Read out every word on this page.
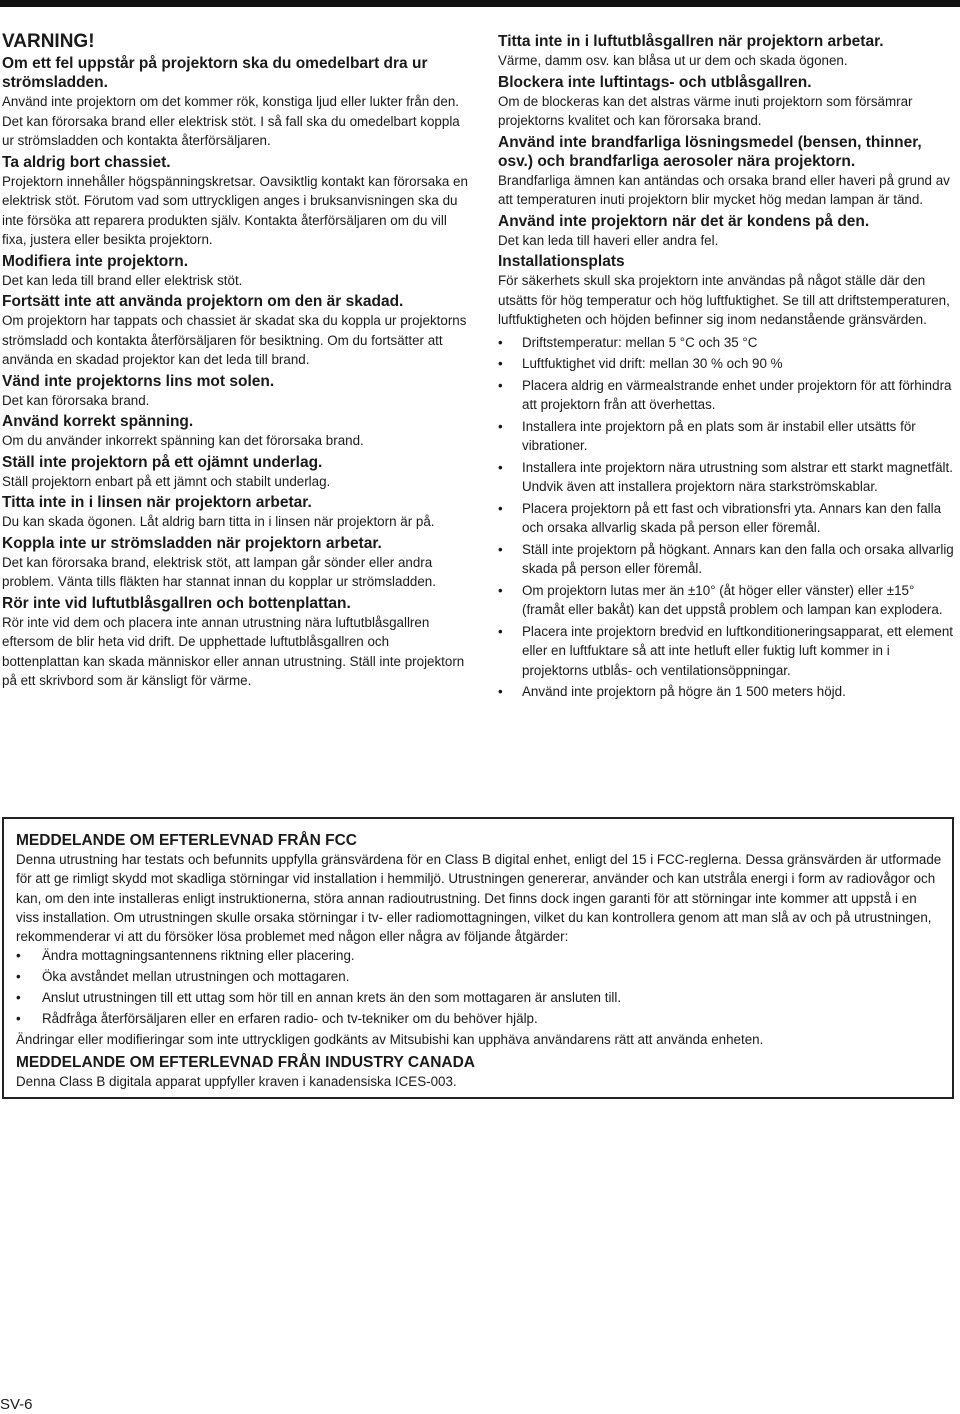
VARNING!
Om ett fel uppstår på projektorn ska du omedelbart dra ur strömsladden.
Använd inte projektorn om det kommer rök, konstiga ljud eller lukter från den. Det kan förorsaka brand eller elektrisk stöt. I så fall ska du omedelbart koppla ur strömsladden och kontakta återförsäljaren.
Ta aldrig bort chassiet.
Projektorn innehåller högspänningskretsar. Oavsiktlig kontakt kan förorsaka en elektrisk stöt. Förutom vad som uttryckligen anges i bruksanvisningen ska du inte försöka att reparera produkten själv. Kontakta återförsäljaren om du vill fixa, justera eller besikta projektorn.
Modifiera inte projektorn.
Det kan leda till brand eller elektrisk stöt.
Fortsätt inte att använda projektorn om den är skadad.
Om projektorn har tappats och chassiet är skadat ska du koppla ur projektorns strömsladd och kontakta återförsäljaren för besiktning. Om du fortsätter att använda en skadad projektor kan det leda till brand.
Vänd inte projektorns lins mot solen.
Det kan förorsaka brand.
Använd korrekt spänning.
Om du använder inkorrekt spänning kan det förorsaka brand.
Ställ inte projektorn på ett ojämnt underlag.
Ställ projektorn enbart på ett jämnt och stabilt underlag.
Titta inte in i linsen när projektorn arbetar.
Du kan skada ögonen. Låt aldrig barn titta in i linsen när projektorn är på.
Koppla inte ur strömsladden när projektorn arbetar.
Det kan förorsaka brand, elektrisk stöt, att lampan går sönder eller andra problem. Vänta tills fläkten har stannat innan du kopplar ur strömsladden.
Rör inte vid luftutblåsgallren och bottenplattan.
Rör inte vid dem och placera inte annan utrustning nära luftutblåsgallren eftersom de blir heta vid drift. De upphettade luftutblåsgallren och bottenplattan kan skada människor eller annan utrustning. Ställ inte projektorn på ett skrivbord som är känsligt för värme.
Titta inte in i luftutblåsgallren när projektorn arbetar.
Värme, damm osv. kan blåsa ut ur dem och skada ögonen.
Blockera inte luftintags- och utblåsgallren.
Om de blockeras kan det alstras värme inuti projektorn som försämrar projektorns kvalitet och kan förorsaka brand.
Använd inte brandfarliga lösningsmedel (bensen, thinner, osv.) och brandfarliga aerosoler nära projektorn.
Brandfarliga ämnen kan antändas och orsaka brand eller haveri på grund av att temperaturen inuti projektorn blir mycket hög medan lampan är tänd.
Använd inte projektorn när det är kondens på den.
Det kan leda till haveri eller andra fel.
Installationsplats
För säkerhets skull ska projektorn inte användas på något ställe där den utsätts för hög temperatur och hög luftfuktighet. Se till att driftstemperaturen, luftfuktigheten och höjden befinner sig inom nedanstående gränsvärden.
• Driftstemperatur: mellan 5 °C och 35 °C
• Luftfuktighet vid drift: mellan 30 % och 90 %
• Placera aldrig en värmealstrande enhet under projektorn för att förhindra att projektorn från att överhettas.
• Installera inte projektorn på en plats som är instabil eller utsätts för vibrationer.
• Installera inte projektorn nära utrustning som alstrar ett starkt magnetfält. Undvik även att installera projektorn nära starkströmskablar.
• Placera projektorn på ett fast och vibrationsfri yta. Annars kan den falla och orsaka allvarlig skada på person eller föremål.
• Ställ inte projektorn på högkant. Annars kan den falla och orsaka allvarlig skada på person eller föremål.
• Om projektorn lutas mer än ±10° (åt höger eller vänster) eller ±15° (framåt eller bakåt) kan det uppstå problem och lampan kan explodera.
• Placera inte projektorn bredvid en luftkonditioneringsapparat, ett element eller en luftfuktare så att inte hetluft eller fuktig luft kommer in i projektorns utblås- och ventilationsöppningar.
• Använd inte projektorn på högre än 1 500 meters höjd.
MEDDELANDE OM EFTERLEVNAD FRÅN FCC
Denna utrustning har testats och befunnits uppfylla gränsvärdena för en Class B digital enhet, enligt del 15 i FCC-reglerna. Dessa gränsvärden är utformade för att ge rimligt skydd mot skadliga störningar vid installation i hemmiljö. Utrustningen genererar, använder och kan utstråla energi i form av radiovågor och kan, om den inte installeras enligt instruktionerna, störa annan radioutrustning. Det finns dock ingen garanti för att störningar inte kommer att uppstå i en viss installation. Om utrustningen skulle orsaka störningar i tv- eller radiomottagningen, vilket du kan kontrollera genom att man slå av och på utrustningen, rekommenderar vi att du försöker lösa problemet med någon eller några av följande åtgärder:
• Ändra mottagningsantennens riktning eller placering.
• Öka avståndet mellan utrustningen och mottagaren.
• Anslut utrustningen till ett uttag som hör till en annan krets än den som mottagaren är ansluten till.
• Rådfråga återförsäljaren eller en erfaren radio- och tv-tekniker om du behöver hjälp.
Ändringar eller modifieringar som inte uttryckligen godkänts av Mitsubishi kan upphäva användarens rätt att använda enheten.
MEDDELANDE OM EFTERLEVNAD FRÅN INDUSTRY CANADA
Denna Class B digitala apparat uppfyller kraven i kanadensiska ICES-003.
SV-6
